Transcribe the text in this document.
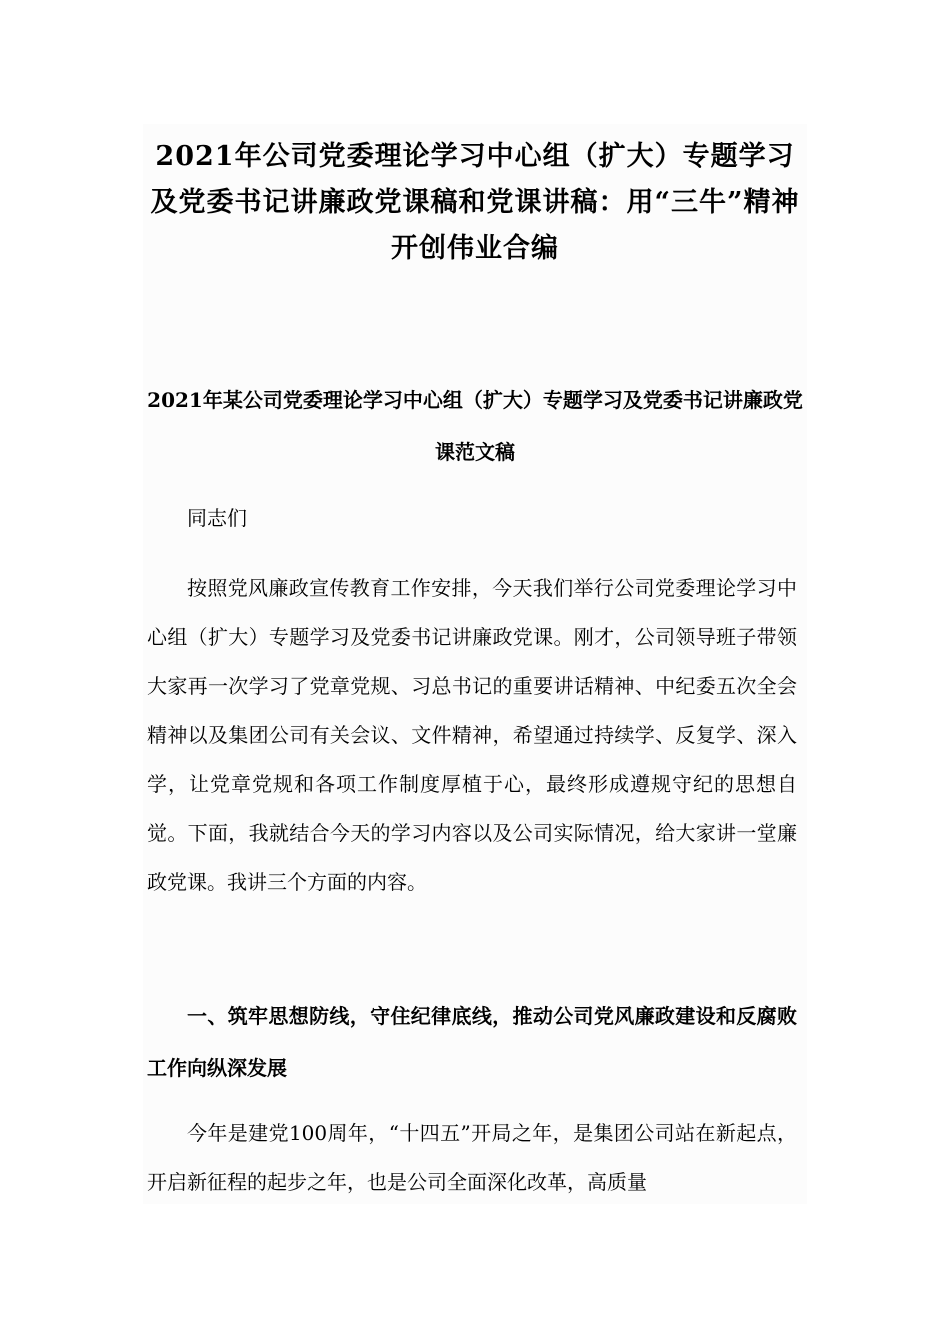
2021年公司党委理论学习中心组（扩大）专题学习及党委书记讲廉政党课稿和党课讲稿：用“三牛”精神开创伟业合编
2021年某公司党委理论学习中心组（扩大）专题学习及党委书记讲廉政党课范文稿

同志们

按照党风廉政宣传教育工作安排，今天我们举行公司党委理论学习中心组（扩大）专题学习及党委书记讲廉政党课。刚才，公司领导班子带领大家再一次学习了党章党规、习总书记的重要讲话精神、中纪委五次全会精神以及集团公司有关会议、文件精神，希望通过持续学、反复学、深入学，让党章党规和各项工作制度厚植于心，最终形成遵规守纪的思想自觉。下面，我就结合今天的学习内容以及公司实际情况，给大家讲一堂廉政党课。我讲三个方面的内容。

一、筑牢思想防线，守住纪律底线，推动公司党风廉政建设和反腐败工作向纵深发展

今年是建党100周年，“十四五”开局之年，是集团公司站在新起点，开启新征程的起步之年，也是公司全面深化改革，高质量
